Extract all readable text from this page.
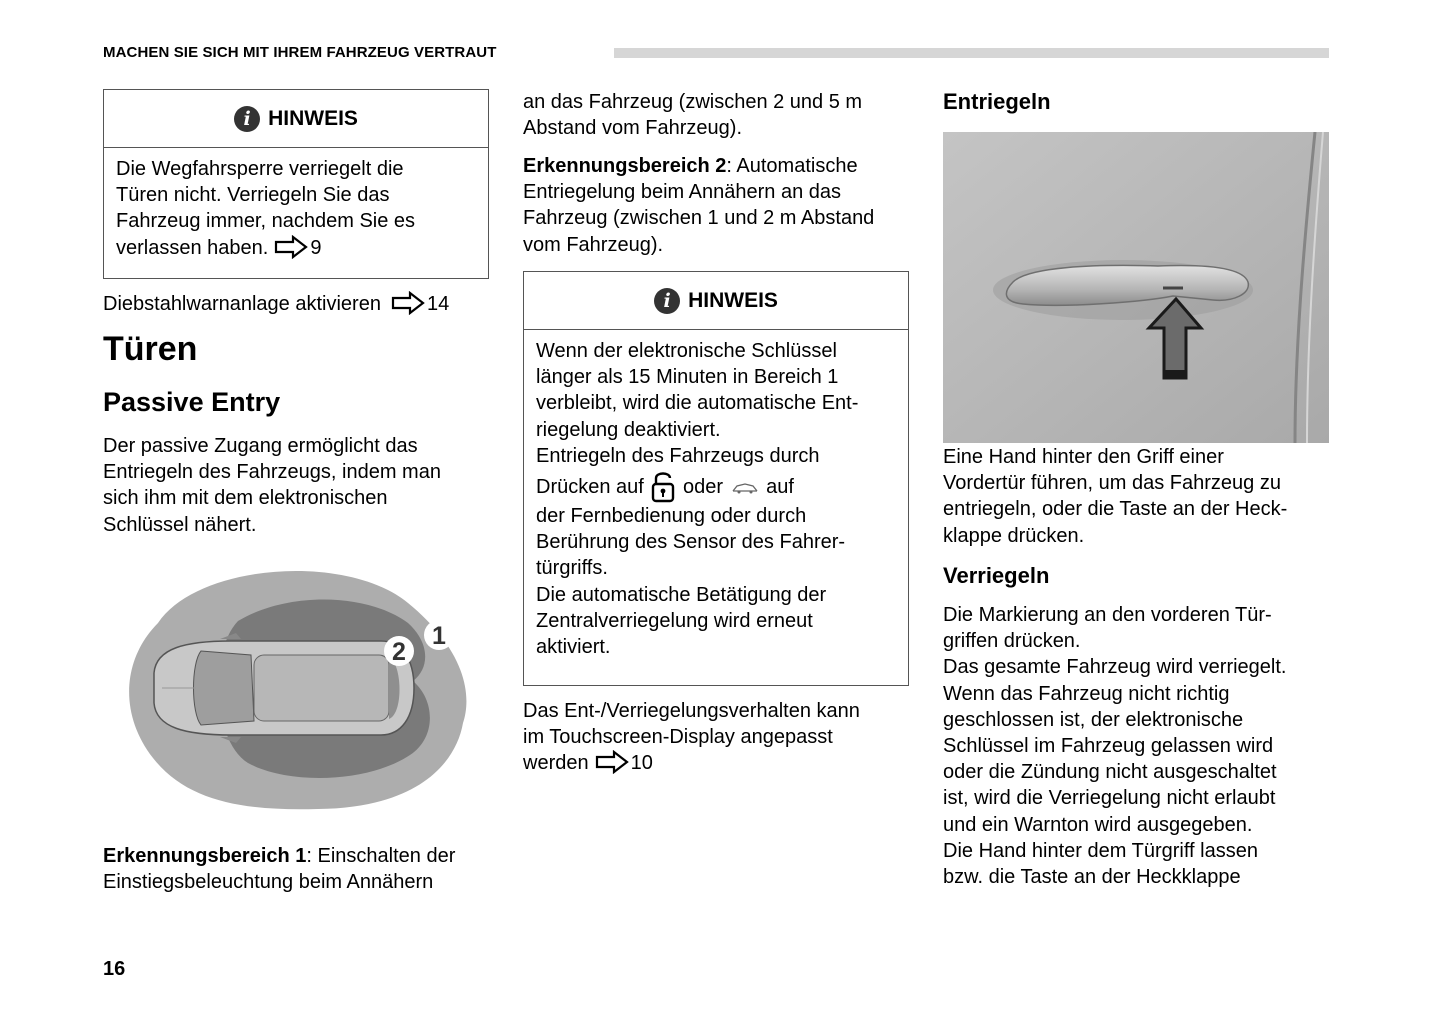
MACHEN SIE SICH MIT IHREM FAHRZEUG VERTRAUT
i HINWEIS

Die Wegfahrsperre verriegelt die

Türen nicht. Verriegeln Sie das

Fahrzeug immer, nachdem Sie es

verlassen haben. 9

Diebstahlwarnanlage aktivieren 14

Türen
Passive Entry

Der passive Zugang ermöglicht das

Entriegeln des Fahrzeugs, indem man

sich ihm mit dem elektronischen

Schlüssel nähert.

2
1

Erkennungsbereich 1: Einschalten der

Einstiegsbeleuchtung beim Annähern

an das Fahrzeug (zwischen 2 und 5 m

Abstand vom Fahrzeug).

Erkennungsbereich 2: Automatische

Entriegelung beim Annähern an das

Fahrzeug (zwischen 1 und 2 m Abstand

vom Fahrzeug).

i HINWEIS

Wenn der elektronische Schlüssel

länger als 15 Minuten in Bereich 1

verbleibt, wird die automatische Ent-

riegelung deaktiviert.

Entriegeln des Fahrzeugs durch

Drücken auf oder auf

der Fernbedienung oder durch

Berührung des Sensor des Fahrer-

türgriffs.

Die automatische Betätigung der

Zentralverriegelung wird erneut

aktiviert.

Das Ent-/Verriegelungsverhalten kann

im Touchscreen-Display angepasst

werden 10

Entriegeln

Eine Hand hinter den Griff einer

Vordertür führen, um das Fahrzeug zu

entriegeln, oder die Taste an der Heck-

klappe drücken.

Verriegeln

Die Markierung an den vorderen Tür-

griffen drücken.

Das gesamte Fahrzeug wird verriegelt.

Wenn das Fahrzeug nicht richtig

geschlossen ist, der elektronische

Schlüssel im Fahrzeug gelassen wird

oder die Zündung nicht ausgeschaltet

ist, wird die Verriegelung nicht erlaubt

und ein Warnton wird ausgegeben.

Die Hand hinter dem Türgriff lassen

bzw. die Taste an der Heckklappe

16
